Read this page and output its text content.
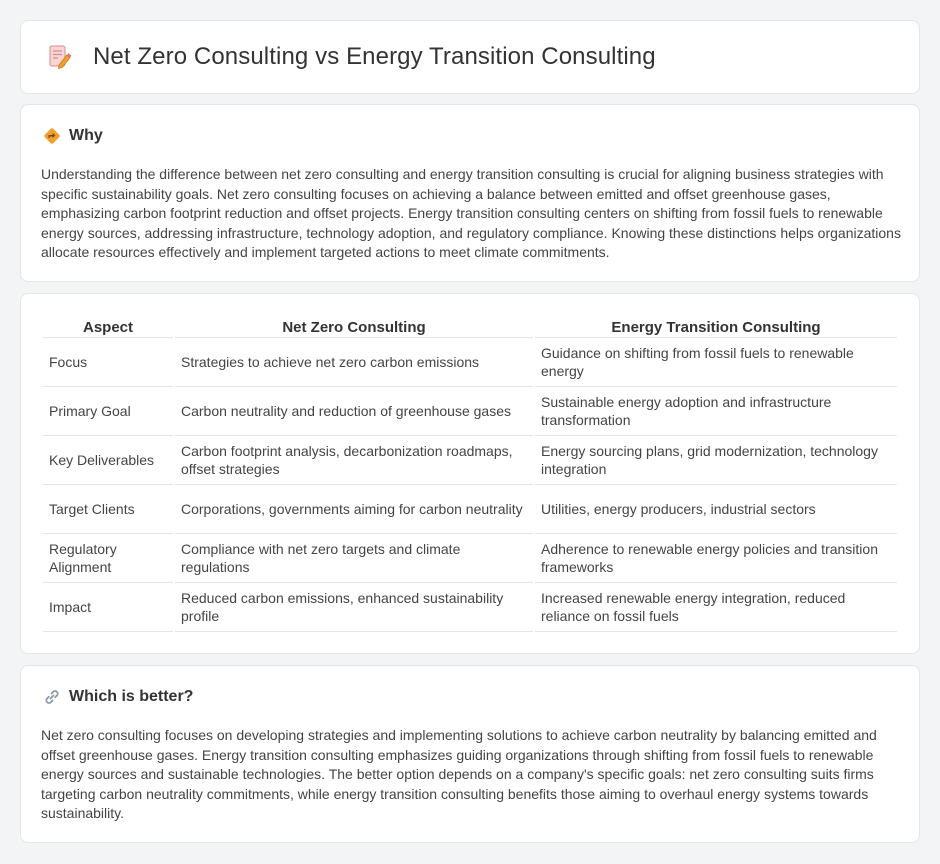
Net Zero Consulting vs Energy Transition Consulting
Why

Understanding the difference between net zero consulting and energy transition consulting is crucial for aligning business strategies with specific sustainability goals. Net zero consulting focuses on achieving a balance between emitted and offset greenhouse gases, emphasizing carbon footprint reduction and offset projects. Energy transition consulting centers on shifting from fossil fuels to renewable energy sources, addressing infrastructure, technology adoption, and regulatory compliance. Knowing these distinctions helps organizations allocate resources effectively and implement targeted actions to meet climate commitments.

Aspect	Net Zero Consulting	Energy Transition Consulting
Focus	Strategies to achieve net zero carbon emissions	Guidance on shifting from fossil fuels to renewable energy
Primary Goal	Carbon neutrality and reduction of greenhouse gases	Sustainable energy adoption and infrastructure transformation
Key Deliverables	Carbon footprint analysis, decarbonization roadmaps, offset strategies	Energy sourcing plans, grid modernization, technology integration
Target Clients	Corporations, governments aiming for carbon neutrality	Utilities, energy producers, industrial sectors
Regulatory Alignment	Compliance with net zero targets and climate regulations	Adherence to renewable energy policies and transition frameworks
Impact	Reduced carbon emissions, enhanced sustainability profile	Increased renewable energy integration, reduced reliance on fossil fuels
Which is better?

Net zero consulting focuses on developing strategies and implementing solutions to achieve carbon neutrality by balancing emitted and offset greenhouse gases. Energy transition consulting emphasizes guiding organizations through shifting from fossil fuels to renewable energy sources and sustainable technologies. The better option depends on a company's specific goals: net zero consulting suits firms targeting carbon neutrality commitments, while energy transition consulting benefits those aiming to overhaul energy systems towards sustainability.
